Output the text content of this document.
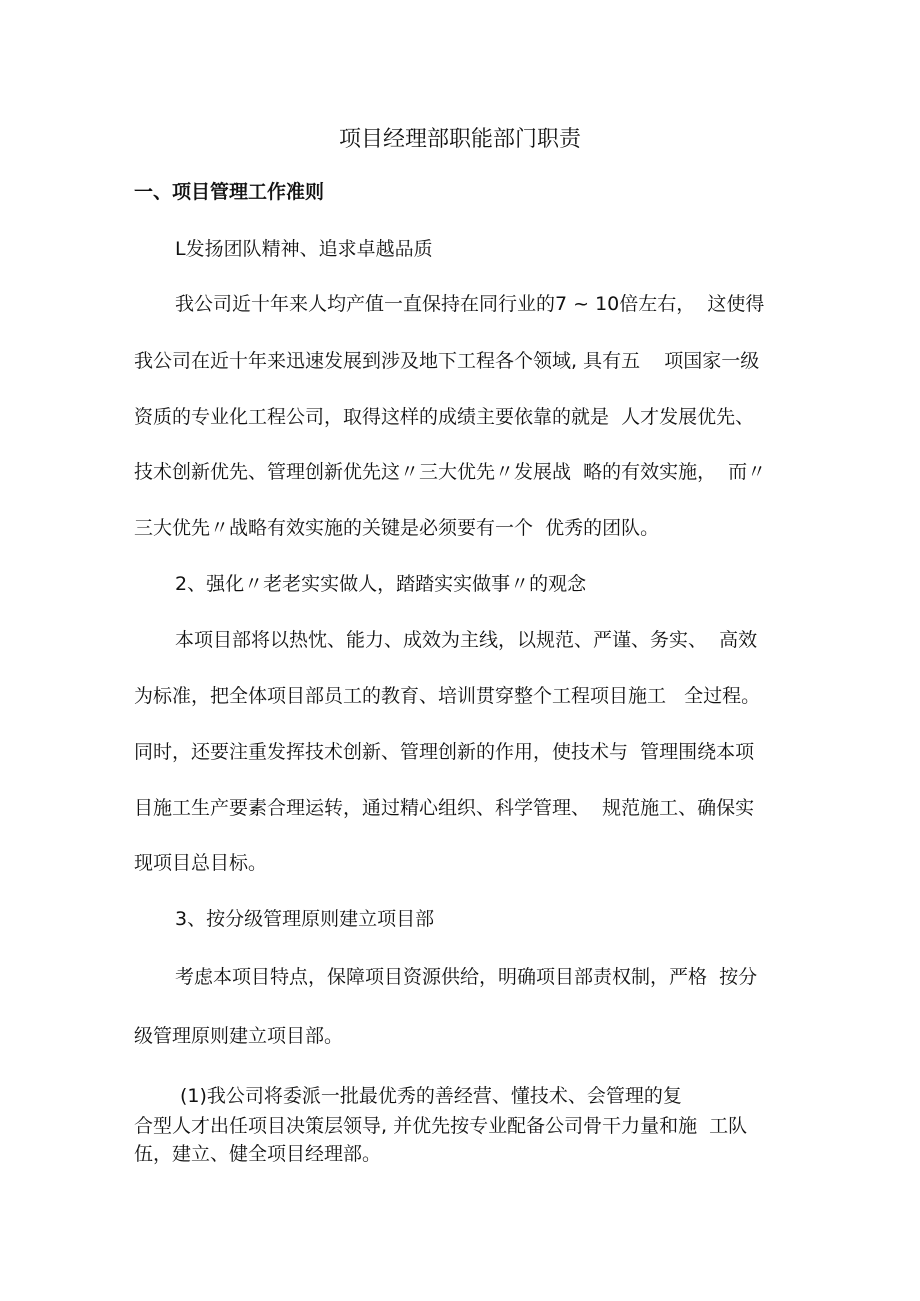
项目经理部职能部门职责
一、项目管理工作准则
L发扬团队精神、追求卓越品质
我公司近十年来人均产值一直保持在同行业的7 ~ 10倍左右，  这使得
我公司在近十年来迅速发展到涉及地下工程各个领域, 具有五    项国家一级
资质的专业化工程公司，取得这样的成绩主要依靠的就是  人才发展优先、
技术创新优先、管理创新优先这〃三大优先〃发展战  略的有效实施，  而〃
三大优先〃战略有效实施的关键是必须要有一个  优秀的团队。
2、强化〃老老实实做人，踏踏实实做事〃的观念
本项目部将以热忱、能力、成效为主线，以规范、严谨、务实、  高效
为标准，把全体项目部员工的教育、培训贯穿整个工程项目施工   全过程。
同时，还要注重发挥技术创新、管理创新的作用，使技术与  管理围绕本项
目施工生产要素合理运转，通过精心组织、科学管理、  规范施工、确保实
现项目总目标。
3、按分级管理原则建立项目部
考虑本项目特点，保障项目资源供给，明确项目部责权制，严格  按分
级管理原则建立项目部。
(1)我公司将委派一批最优秀的善经营、懂技术、会管理的复
合型人才出任项目决策层领导, 并优先按专业配备公司骨干力量和施  工队
伍，建立、健全项目经理部。
